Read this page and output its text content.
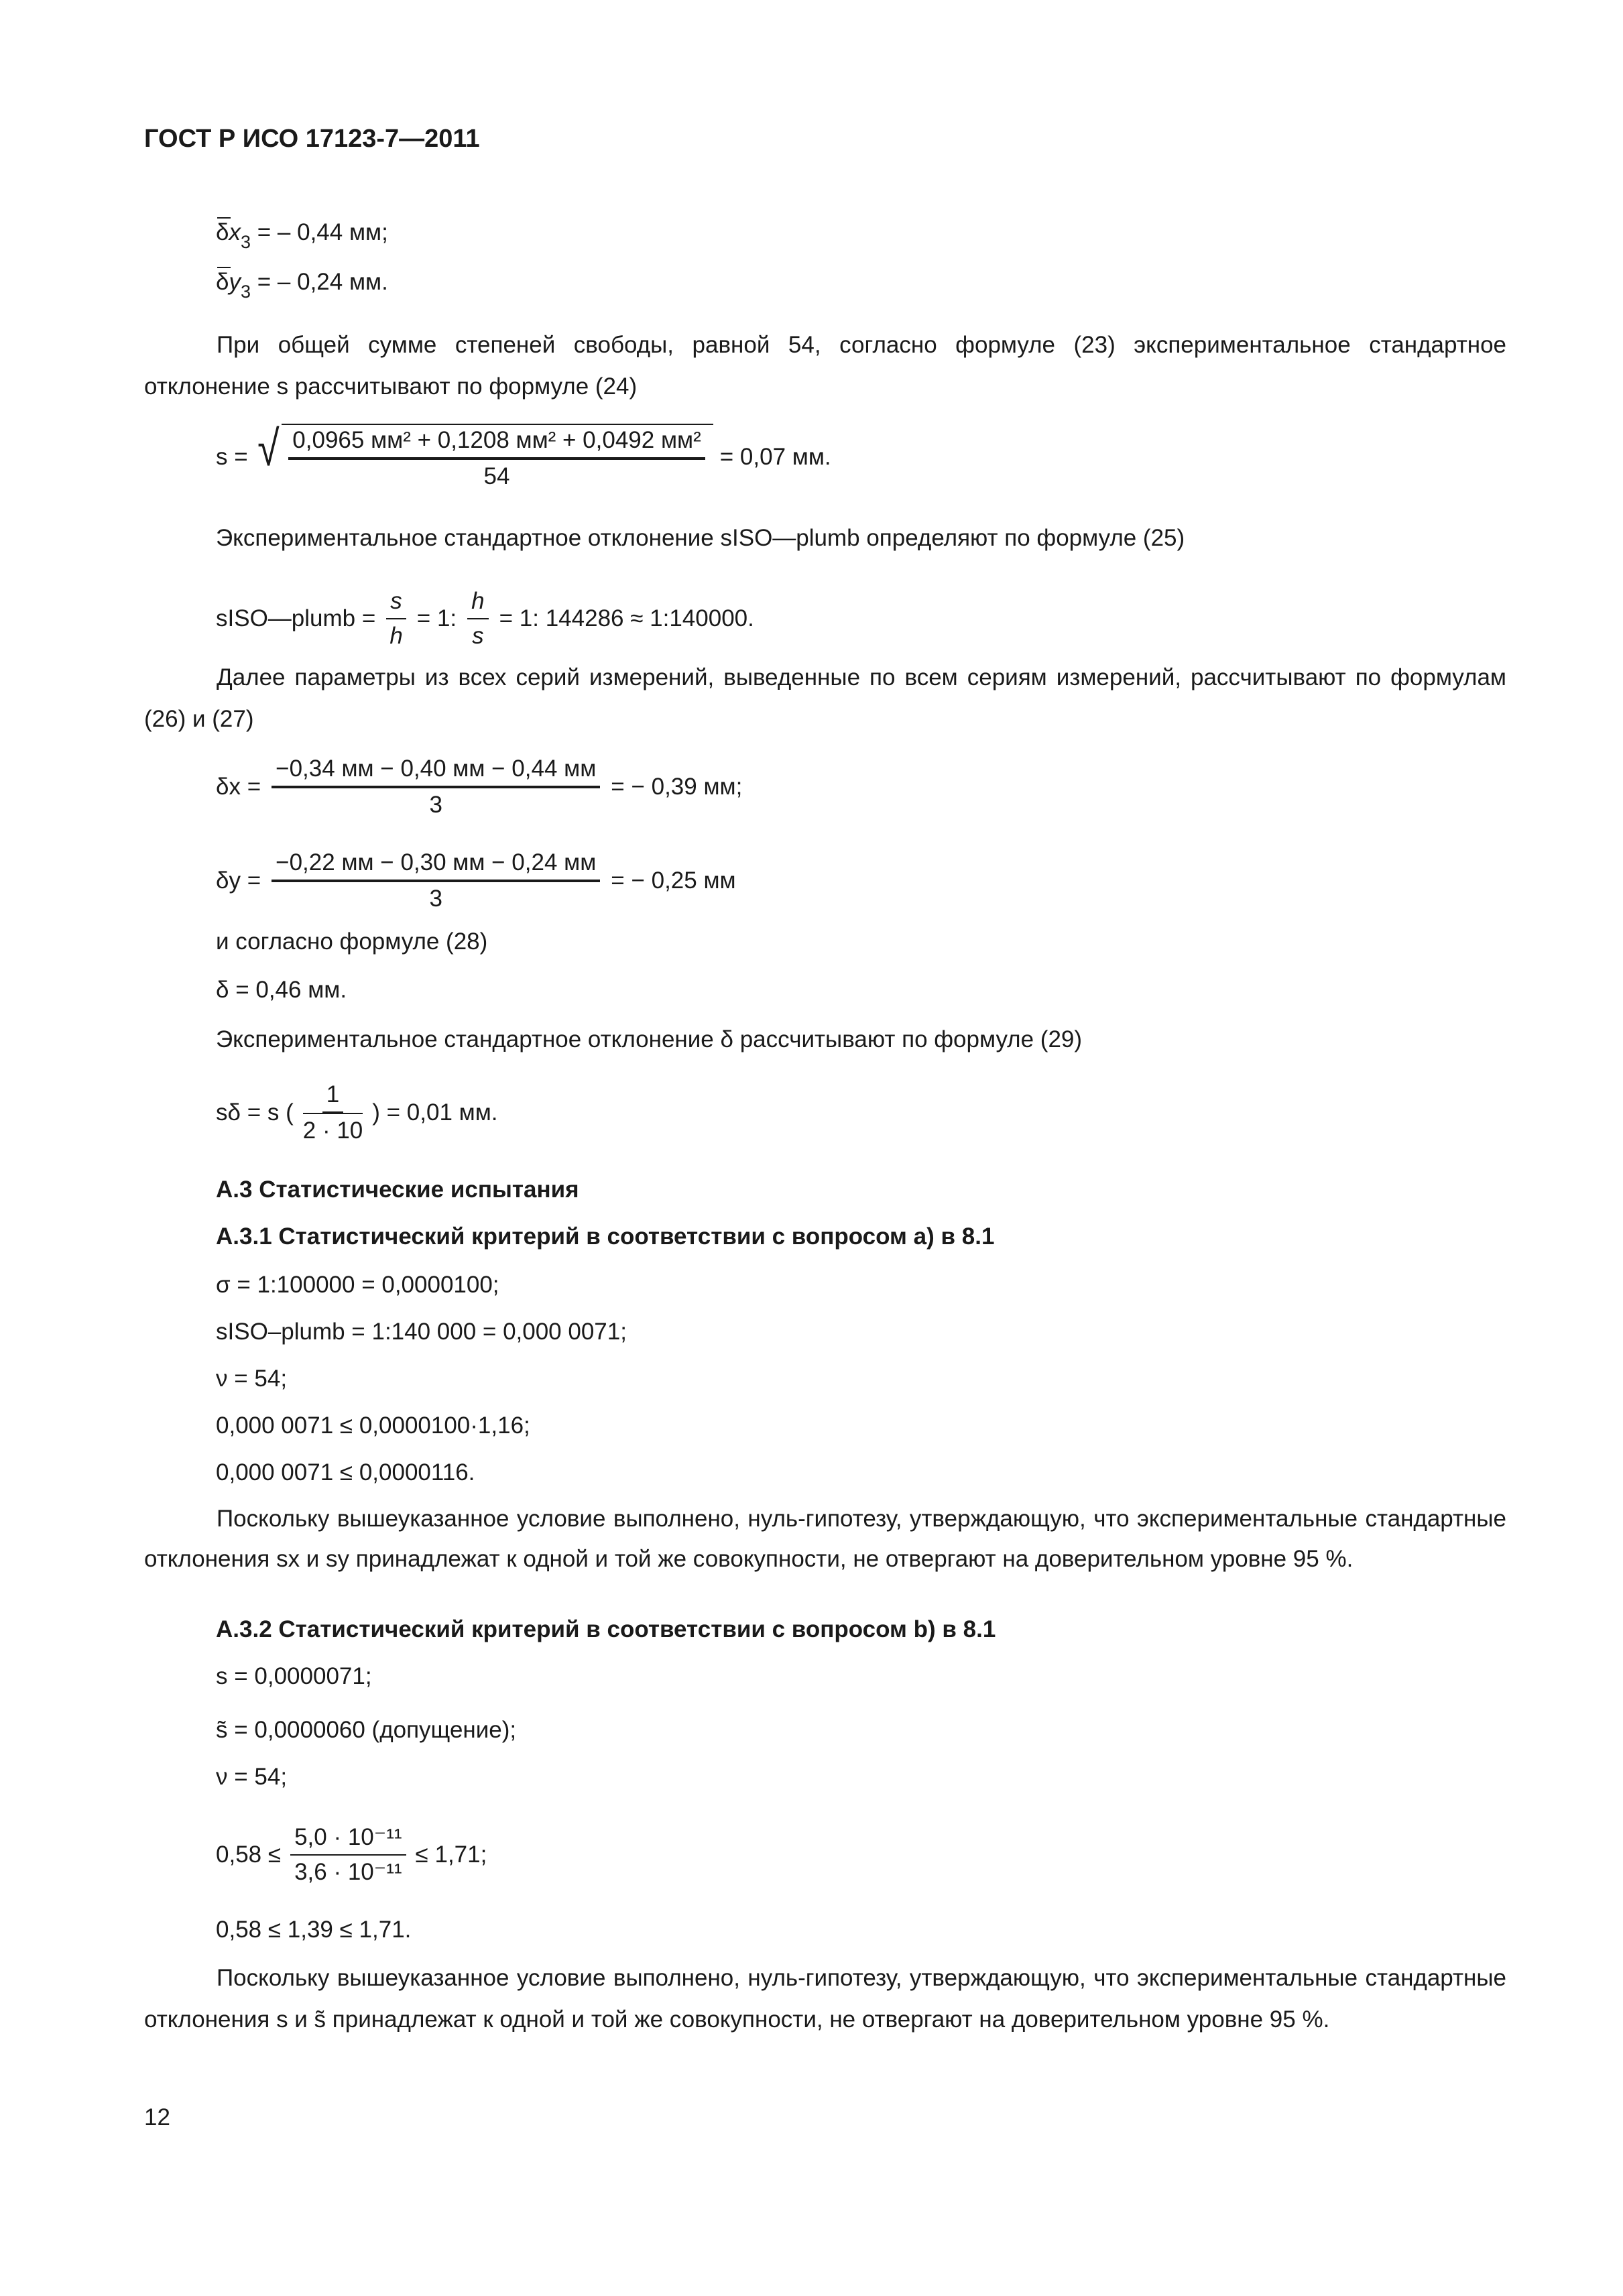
ГОСТ Р ИСО 17123-7—2011
$\delta x_3$ = – 0,44 мм;
$\delta y_3$ = – 0,24 мм.
При общей сумме степеней свободы, равной 54, согласно формуле (23) экспериментальное стандартное отклонение s рассчитывают по формуле (24)
s = √ $\frac{\text{0,0965 мм² + 0,1208 мм² + 0,0492 мм²}}{54} = 0,07$ мм.
Экспериментальное стандартное отклонение sISO—plumb определяют по формуле (25)
sISO—plumb = $\frac{s}{h} = 1$: $\frac{h}{s} = 1$: 144286 ≈ 1:140000.
Далее параметры из всех серий измерений, выведенные по всем сериям измерений, рассчитывают по формулам (26) и (27)
$\delta x = \frac{-0,34 мм - 0,40 мм - 0,44 мм}{3}$ = − 0,39 мм;
$\delta y = \frac{-0,22 мм - 0,30 мм - 0,24 мм}{3}$ = − 0,25 мм
и согласно формуле (28)
δ = 0,46 мм.
Экспериментальное стандартное отклонение δ рассчитывают по формуле (29)
sδ = s ( $\frac{1}{2 \cdot 10}$ ) = 0,01 мм.
А.3 Статистические испытания
А.3.1 Статистический критерий в соответствии с вопросом а) в 8.1
σ = 1:100000 = 0,0000100;
sISO–plumb = 1:140 000 = 0,000 0071;
ν = 54;
0,000 0071 ≤ 0,0000100·1,16;
0,000 0071 ≤ 0,0000116.
Поскольку вышеуказанное условие выполнено, нуль-гипотезу, утверждающую, что экспериментальные стандартные отклонения sx и sy принадлежат к одной и той же совокупности, не отвергают на доверительном уровне 95 %.
А.3.2 Статистический критерий в соответствии с вопросом b) в 8.1
s = 0,0000071;
s̃ = 0,0000060 (допущение);
ν = 54;
$0,58 \le \frac{\text{5,0 · 10⁻¹¹}}{\text{3,6 · 10⁻¹¹}} \le 1,71$;
0,58 ≤ 1,39 ≤ 1,71.
Поскольку вышеуказанное условие выполнено, нуль-гипотезу, утверждающую, что экспериментальные стандартные отклонения s и s̃ принадлежат к одной и той же совокупности, не отвергают на доверительном уровне 95 %.
12
